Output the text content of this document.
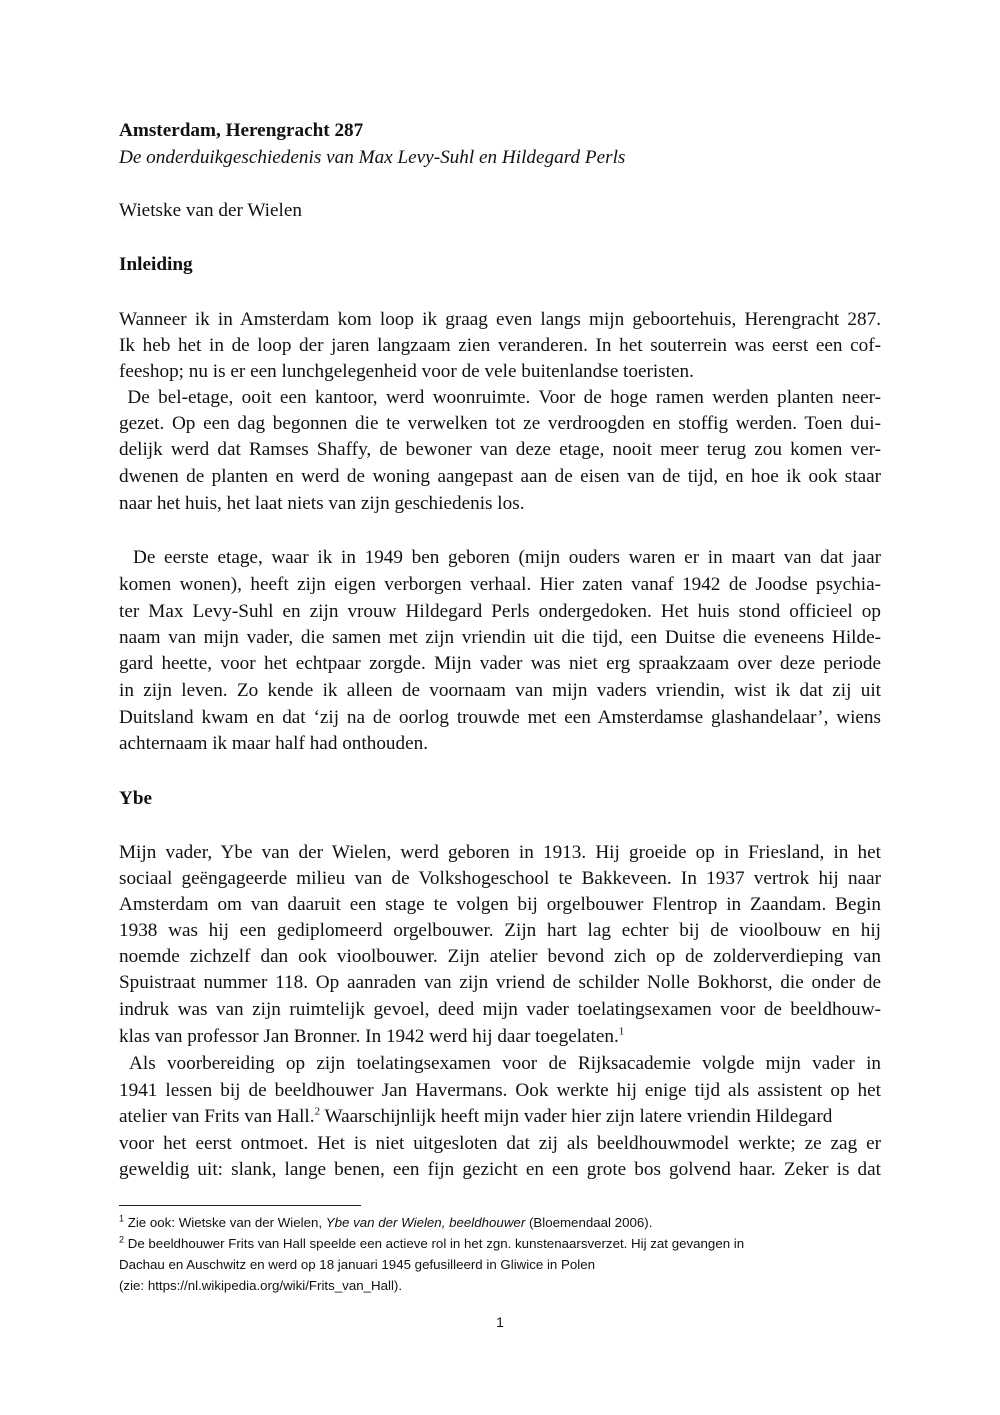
Amsterdam, Herengracht 287
De onderduikgeschiedenis van Max Levy-Suhl en Hildegard Perls
Wietske van der Wielen
Inleiding
Wanneer ik in Amsterdam kom loop ik graag even langs mijn geboortehuis, Herengracht 287.
Ik heb het in de loop der jaren langzaam zien veranderen. In het souterrein was eerst een cof-
feeshop; nu is er een lunchgelegenheid voor de vele buitenlandse toeristen.
De bel-etage, ooit een kantoor, werd woonruimte. Voor de hoge ramen werden planten neer-
gezet. Op een dag begonnen die te verwelken tot ze verdroogden en stoffig werden. Toen dui-
delijk werd dat Ramses Shaffy, de bewoner van deze etage, nooit meer terug zou komen ver-
dwenen de planten en werd de woning aangepast aan de eisen van de tijd, en hoe ik ook staar
naar het huis, het laat niets van zijn geschiedenis los.
De eerste etage, waar ik in 1949 ben geboren (mijn ouders waren er in maart van dat jaar
komen wonen), heeft zijn eigen verborgen verhaal. Hier zaten vanaf 1942 de Joodse psychia-
ter Max Levy-Suhl en zijn vrouw Hildegard Perls ondergedoken. Het huis stond officieel op
naam van mijn vader, die samen met zijn vriendin uit die tijd, een Duitse die eveneens Hilde-
gard heette, voor het echtpaar zorgde. Mijn vader was niet erg spraakzaam over deze periode
in zijn leven. Zo kende ik alleen de voornaam van mijn vaders vriendin, wist ik dat zij uit
Duitsland kwam en dat ‘zij na de oorlog trouwde met een Amsterdamse glashandelaar’, wiens
achternaam ik maar half had onthouden.
Ybe
Mijn vader, Ybe van der Wielen, werd geboren in 1913. Hij groeide op in Friesland, in het
sociaal geëngageerde milieu van de Volkshogeschool te Bakkeveen. In 1937 vertrok hij naar
Amsterdam om van daaruit een stage te volgen bij orgelbouwer Flentrop in Zaandam. Begin
1938 was hij een gediplomeerd orgelbouwer. Zijn hart lag echter bij de vioolbouw en hij
noemde zichzelf dan ook vioolbouwer. Zijn atelier bevond zich op de zolderverdieping van
Spuistraat nummer 118. Op aanraden van zijn vriend de schilder Nolle Bokhorst, die onder de
indruk was van zijn ruimtelijk gevoel, deed mijn vader toelatingsexamen voor de beeldhouw-
klas van professor Jan Bronner. In 1942 werd hij daar toegelaten.$^1$
Als voorbereiding op zijn toelatingsexamen voor de Rijksacademie volgde mijn vader in
1941 lessen bij de beeldhouwer Jan Havermans. Ook werkte hij enige tijd als assistent op het
atelier van Frits van Hall.$^2$ Waarschijnlijk heeft mijn vader hier zijn latere vriendin Hildegard
voor het eerst ontmoet. Het is niet uitgesloten dat zij als beeldhouwmodel werkte; ze zag er
geweldig uit: slank, lange benen, een fijn gezicht en een grote bos golvend haar. Zeker is dat
$^1$ Zie ook: Wietske van der Wielen, Ybe van der Wielen, beeldhouwer (Bloemendaal 2006).
$^2$ De beeldhouwer Frits van Hall speelde een actieve rol in het zgn. kunstenaarsverzet. Hij zat gevangen in
Dachau en Auschwitz en werd op 18 januari 1945 gefusilleerd in Gliwice in Polen
(zie: https://nl.wikipedia.org/wiki/Frits_van_Hall).
1
